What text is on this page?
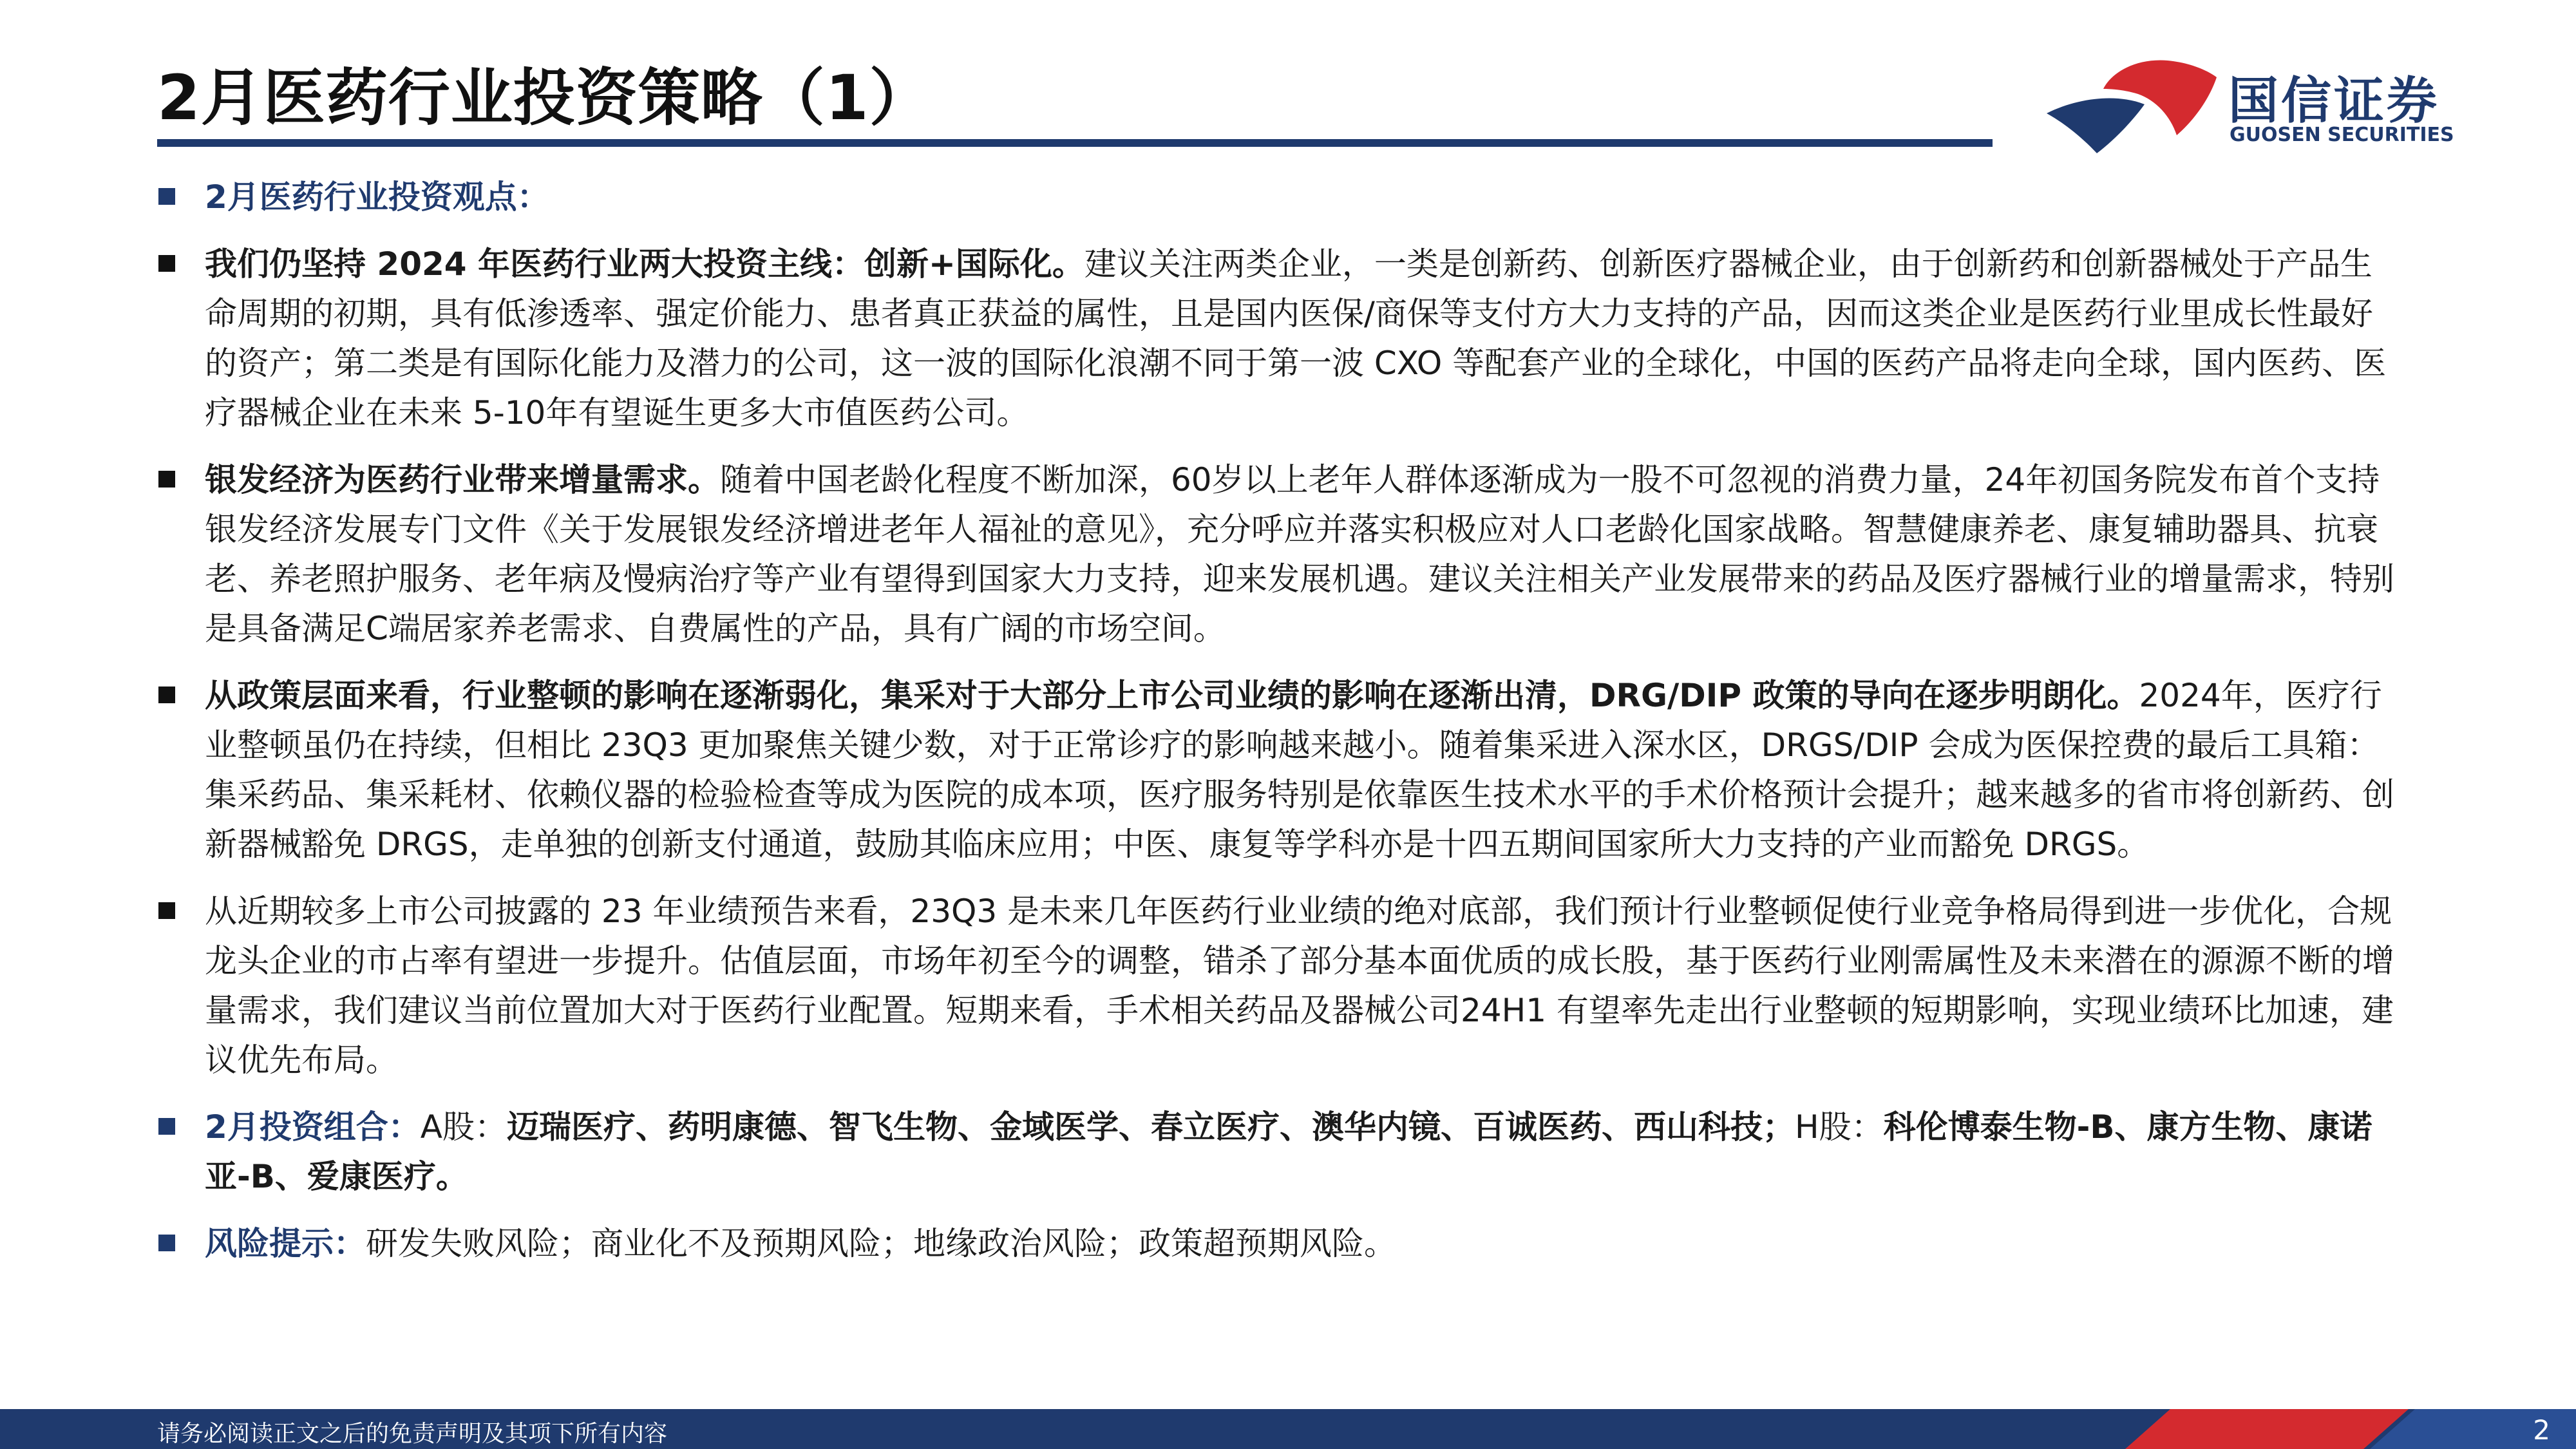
2月医药行业投资策略（1）	国信证券
GUOSEN SECURITIES
2月医药行业投资观点：
我们仍坚持 2024 年医药行业两大投资主线：创新+国际化。建议关注两类企业，一类是创新药、创新医疗器械企业，由于创新药和创新器械处于产品生命周期的初期，具有低渗透率、强定价能力、患者真正获益的属性，且是国内医保/商保等支付方大力支持的产品，因而这类企业是医药行业里成长性最好的资产；第二类是有国际化能力及潜力的公司，这一波的国际化浪潮不同于第一波 CXO 等配套产业的全球化，中国的医药产品将走向全球，国内医药、医疗器械企业在未来 5-10年有望诞生更多大市值医药公司。
银发经济为医药行业带来增量需求。随着中国老龄化程度不断加深，60岁以上老年人群体逐渐成为一股不可忽视的消费力量，24年初国务院发布首个支持银发经济发展专门文件《关于发展银发经济增进老年人福祉的意见》，充分呼应并落实积极应对人口老龄化国家战略。智慧健康养老、康复辅助器具、抗衰老、养老照护服务、老年病及慢病治疗等产业有望得到国家大力支持，迎来发展机遇。建议关注相关产业发展带来的药品及医疗器械行业的增量需求，特别是具备满足C端居家养老需求、自费属性的产品，具有广阔的市场空间。
从政策层面来看，行业整顿的影响在逐渐弱化，集采对于大部分上市公司业绩的影响在逐渐出清，DRG/DIP 政策的导向在逐步明朗化。2024年，医疗行业整顿虽仍在持续，但相比 23Q3 更加聚焦关键少数，对于正常诊疗的影响越来越小。随着集采进入深水区，DRGS/DIP 会成为医保控费的最后工具箱：集采药品、集采耗材、依赖仪器的检验检查等成为医院的成本项，医疗服务特别是依靠医生技术水平的手术价格预计会提升；越来越多的省市将创新药、创新器械豁免 DRGS，走单独的创新支付通道，鼓励其临床应用；中医、康复等学科亦是十四五期间国家所大力支持的产业而豁免 DRGS。
从近期较多上市公司披露的 23 年业绩预告来看，23Q3 是未来几年医药行业业绩的绝对底部，我们预计行业整顿促使行业竞争格局得到进一步优化，合规龙头企业的市占率有望进一步提升。估值层面，市场年初至今的调整，错杀了部分基本面优质的成长股，基于医药行业刚需属性及未来潜在的源源不断的增量需求，我们建议当前位置加大对于医药行业配置。短期来看，手术相关药品及器械公司24H1 有望率先走出行业整顿的短期影响，实现业绩环比加速，建议优先布局。
2月投资组合：A股：迈瑞医疗、药明康德、智飞生物、金域医学、春立医疗、澳华内镜、百诚医药、西山科技；H股：科伦博泰生物-B、康方生物、康诺亚-B、爱康医疗。
风险提示：研发失败风险；商业化不及预期风险；地缘政治风险；政策超预期风险。
请务必阅读正文之后的免责声明及其项下所有内容	2
